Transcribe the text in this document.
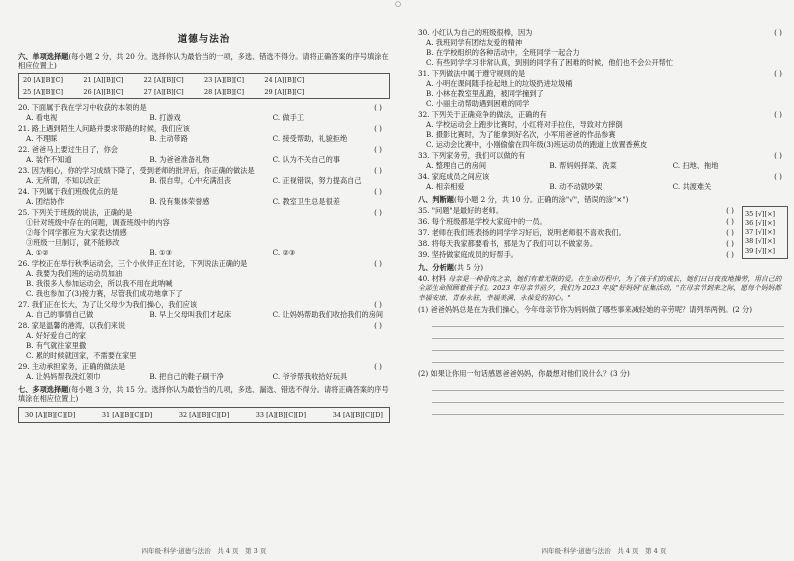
○
道德与法治
六、单项选择题(每小题 2 分，共 20 分。选择你认为最恰当的一项，多选、错选不得分。请将正确答案的序号填涂在相应位置上)
20 [A][B][C]	21 [A][B][C]	22 [A][B][C]	23 [A][B][C]	24 [A][B][C]
25 [A][B][C]	26 [A][B][C]	27 [A][B][C]	28 [A][B][C]	29 [A][B][C]
20. 下面属于我在学习中收获的本领的是	( )
A. 看电视	B. 打游戏	C. 做手工
21. 路上遇到陌生人问路并要求带路的时候，我们应该	( )
A. 不理睬	B. 主动带路	C. 接受帮助，礼貌拒绝
22. 爸爸马上要过生日了，你会	( )
A. 装作不知道	B. 为爸爸准备礼物	C. 认为不关自己的事
23. 因为粗心，你的学习成绩下降了，受到老师的批评后，你正确的做法是	( )
A. 无所谓，不知以改正	B. 很自卑，心中充满沮丧	C. 正视错误，努力提高自己
24. 下列属于我们班级优点的是	( )
A. 团结协作	B. 没有集体荣誉感	C. 教室卫生总是很差
25. 下列关于班级的说法，正确的是	( )
①针对班级中存在的问题，调查班级中的内容
②每个同学都应为大家表达情感
③班级一旦制订，就不能修改
A. ①②	B. ①③	C. ②③
26. 学校正在举行秋季运动会，三个小伙伴正在讨论，下列说法正确的是	( )
A. 我要为我们班的运动员加油
B. 我很多人参加运动会，所以我不用在此呐喊
C. 我也参加了(3)接力赛，尽管我们成功地拿下了
27. 我们正在长大，为了让父母少为我们操心，我们应该	( )
A. 自己的事情自己做	B. 早上父母叫我们才起床	C. 让妈妈帮助我们收拾我们的房间
28. 家是温馨的港湾，以我们来说	( )
A. 好好爱自己的家
B. 有气就往家里撒
C. 累的时候就回家，不需要在家里
29. 主动承担家务，正确的做法是	( )
A. 让妈妈帮我洗红领巾	B. 把自己的鞋子刷干净	C. 爷爷帮我收拾好玩具
七、多项选择题(每小题 3 分，共 15 分。选择你认为最恰当的几项，多选、漏选、错选不得分。请将正确答案的序号填涂在相应位置上)
30 [A][B][C][D]	31 [A][B][C][D]	32 [A][B][C][D]	33 [A][B][C][D]	34 [A][B][C][D]
四年级·科学·道德与法治　共 4 页　第 3 页
30. 小红认为自己的班级很棒，因为	( )
A. 我班同学有团结友爱的精神
B. 在学校组织的各种活动中，全班同学一起合力
C. 有些同学学习非常认真，到别的同学有了困难的时候，他们也不会公开帮忙
31. 下列做法中属于遵守规则的是	( )
A. 小明在课间随手捡起地上的垃圾扔进垃圾桶
B. 小林在教室里乱跑，被同学撞到了
C. 小丽主动帮助遇到困难的同学
32. 下列关于正确竞争的做法，正确的有	( )
A. 学校运动会上跑步比赛时，小红将对手拉住，导致对方摔倒
B. 摄影比赛时，为了能拿到好名次，小军用爸爸的作品参赛
C. 运动会比赛中，小刚偷偷在四年级(3)班运动员的跑道上放置香蕉皮
33. 下列家务劳，我们可以做的有	( )
A. 整理自己的房间	B. 帮妈妈择菜、洗菜	C. 扫地、拖地
34. 家庭成员之间应该	( )
A. 相亲相爱	B. 动不动就吵架	C. 共渡难关
八、判断题(每小题 2 分，共 10 分。正确的涂"√"，错误的涂"×")
35. "问题"是最好的老师。	( )
36. 每个班级都是学校大家庭中的一员。	( )
37. 老师在我们班表扬的同学学习好后，说明老师很不喜欢我们。	( )
38. 将每天我家都要看书，那是为了我们可以不做家务。	( )
39. 坚持做家庭成员的好帮手。	( )
35 [√][×]
36 [√][×]
37 [√][×]
38 [√][×]
39 [√][×]
九、分析题(共 5 分)
40. 材料 母亲是一种骨肉之亲，她们有着无限的爱。在生命历程中，为了孩子们的成长，她们日日夜夜地操劳，用自己的全部生命照顾着孩子们。2023 年母亲节前夕，我们为 2023 年度"好妈妈"征集活动，"在母亲节到来之际，愿每个妈妈都幸福安康、青春永驻，幸福美满、永葆爱的初心。"
(1) 爸爸妈妈总是在为我们操心，今年母亲节你为妈妈做了哪些事来减轻她的辛劳呢？请列举两例。(2 分)
(2) 如果让你用一句话感恩爸爸妈妈，你最想对他们说什么？(3 分)
四年级·科学·道德与法治　共 4 页　第 4 页
